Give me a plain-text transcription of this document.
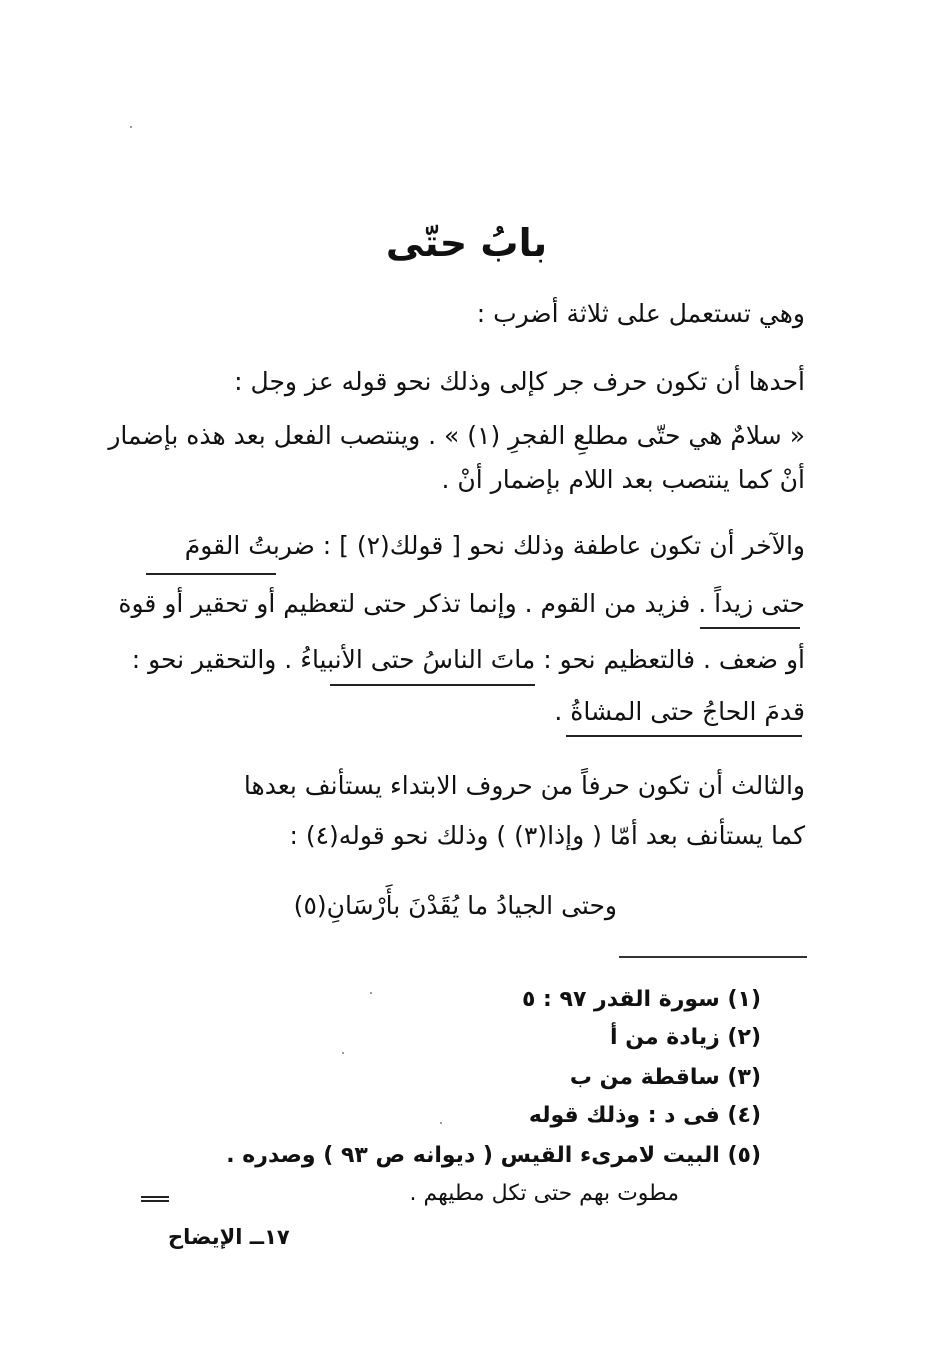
بابُ حتّى
وهي تستعمل على ثلاثة أضرب :
أحدها أن تكون حرف جر كإلى وذلك نحو قوله عز وجل :
« سلامٌ هي حتّى مطلعِ الفجرِ (١) » . وينتصب الفعل بعد هذه بإضمار
أنْ كما ينتصب بعد اللام بإضمار أنْ .
والآخر أن تكون عاطفة وذلك نحو [ قولك(٢) ] : ضربتُ القومَ
حتى زيداً . فزيد من القوم . وإنما تذكر حتى لتعظيم أو تحقير أو قوة
أو ضعف . فالتعظيم نحو : ماتَ الناسُ حتى الأنبياءُ . والتحقير نحو :
قدمَ الحاجُ حتى المشاةُ .
والثالث أن تكون حرفاً من حروف الابتداء يستأنف بعدها
كما يستأنف بعد أمّا ( وإذا(٣) ) وذلك نحو قوله(٤) :
وحتى الجيادُ ما يُقَدْنَ بأَرْسَانِ(٥)
(١) سورة القدر ٩٧ : ٥
(٢) زيادة من أ
(٣) ساقطة من ب
(٤) فى د : وذلك قوله
(٥) البيت لامرىء القيس ( ديوانه ص ٩٣ ) وصدره .
مطوت بهم حتى تكل مطيهم .
١٧ــ الإيضاح
